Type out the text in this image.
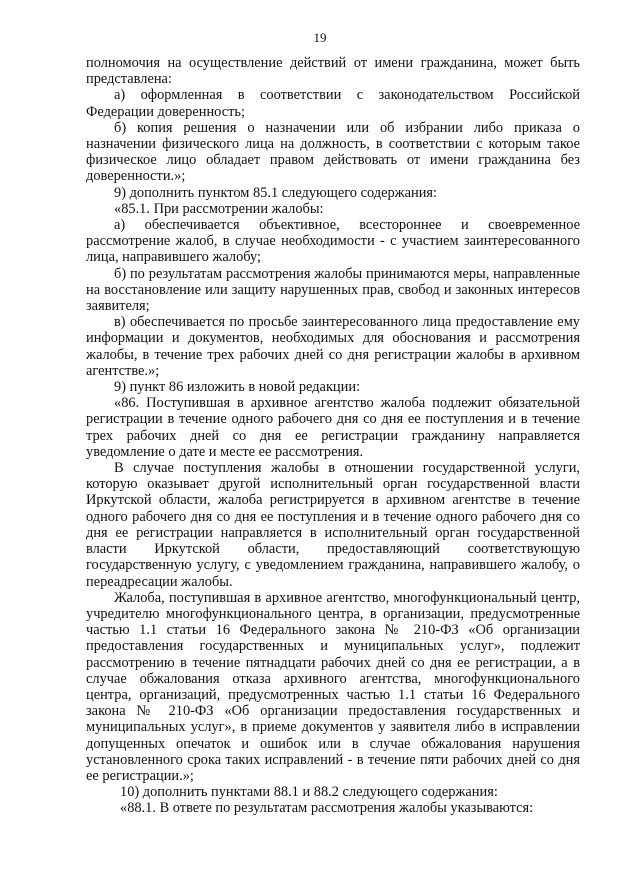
19

полномочия на осуществление действий от имени гражданина, может быть представлена:

а) оформленная в соответствии с законодательством Российской Федерации доверенность;

б) копия решения о назначении или об избрании либо приказа о назначении физического лица на должность, в соответствии с которым такое физическое лицо обладает правом действовать от имени гражданина без доверенности.»;

9) дополнить пунктом 85.1 следующего содержания:

«85.1. При рассмотрении жалобы:

а) обеспечивается объективное, всестороннее и своевременное рассмотрение жалоб, в случае необходимости - с участием заинтересованного лица, направившего жалобу;

б) по результатам рассмотрения жалобы принимаются меры, направленные на восстановление или защиту нарушенных прав, свобод и законных интересов заявителя;

в) обеспечивается по просьбе заинтересованного лица предоставление ему информации и документов, необходимых для обоснования и рассмотрения жалобы, в течение трех рабочих дней со дня регистрации жалобы в архивном агентстве.»;

9) пункт 86 изложить в новой редакции:

«86. Поступившая в архивное агентство жалоба подлежит обязательной регистрации в течение одного рабочего дня со дня ее поступления и в течение трех рабочих дней со дня ее регистрации гражданину направляется уведомление о дате и месте ее рассмотрения.

В случае поступления жалобы в отношении государственной услуги, которую оказывает другой исполнительный орган государственной власти Иркутской области, жалоба регистрируется в архивном агентстве в течение одного рабочего дня со дня ее поступления и в течение одного рабочего дня со дня ее регистрации направляется в исполнительный орган государственной власти Иркутской области, предоставляющий соответствующую государственную услугу, с уведомлением гражданина, направившего жалобу, о переадресации жалобы.

Жалоба, поступившая в архивное агентство, многофункциональный центр, учредителю многофункционального центра, в организации, предусмотренные частью 1.1 статьи 16 Федерального закона № 210-ФЗ «Об организации предоставления государственных и муниципальных услуг», подлежит рассмотрению в течение пятнадцати рабочих дней со дня ее регистрации, а в случае обжалования отказа архивного агентства, многофункционального центра, организаций, предусмотренных частью 1.1 статьи 16 Федерального закона № 210-ФЗ «Об организации предоставления государственных и муниципальных услуг», в приеме документов у заявителя либо в исправлении допущенных опечаток и ошибок или в случае обжалования нарушения установленного срока таких исправлений - в течение пяти рабочих дней со дня ее регистрации.»;

10) дополнить пунктами 88.1 и 88.2 следующего содержания:

«88.1. В ответе по результатам рассмотрения жалобы указываются:
